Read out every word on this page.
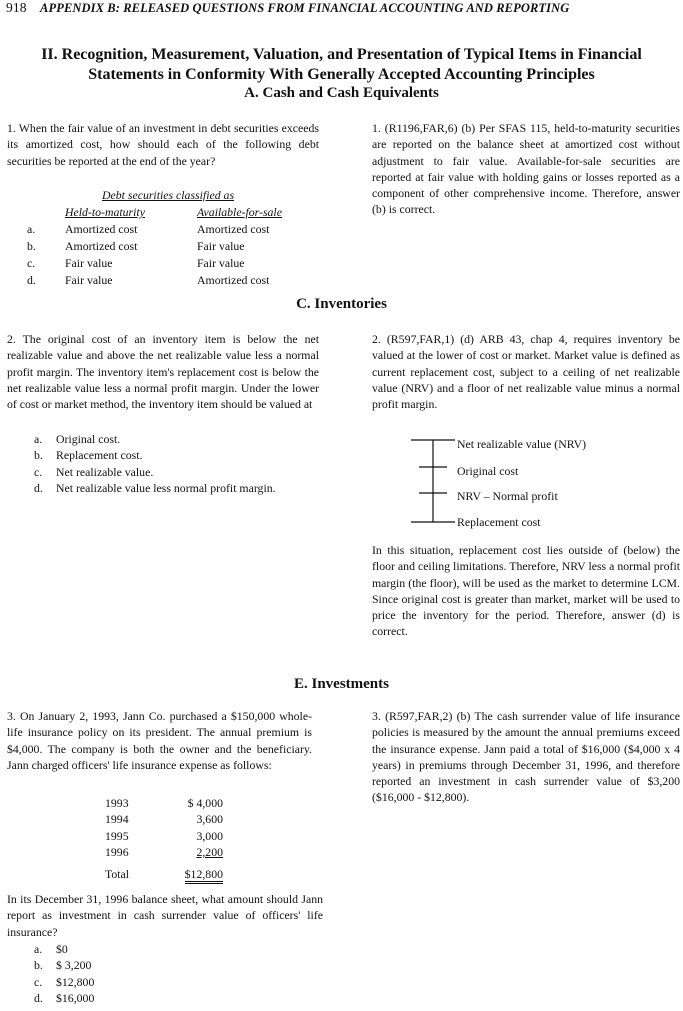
918 APPENDIX B: RELEASED QUESTIONS FROM FINANCIAL ACCOUNTING AND REPORTING
II. Recognition, Measurement, Valuation, and Presentation of Typical Items in Financial
Statements in Conformity With Generally Accepted Accounting Principles
A. Cash and Cash Equivalents
1. When the fair value of an investment in debt securities exceeds its amortized cost, how should each of the following debt securities be reported at the end of the year?
Debt securities classified as
	Held-to-maturity	Available-for-sale
a.	Amortized cost	Amortized cost
b.	Amortized cost	Fair value
c.	Fair value	Fair value
d.	Fair value	Amortized cost
1. (R1196,FAR,6) (b) Per SFAS 115, held-to-maturity securities are reported on the balance sheet at amortized cost without adjustment to fair value. Available-for-sale securities are reported at fair value with holding gains or losses reported as a component of other comprehensive income. Therefore, answer (b) is correct.
C. Inventories
2. The original cost of an inventory item is below the net realizable value and above the net realizable value less a normal profit margin. The inventory item's replacement cost is below the net realizable value less a normal profit margin. Under the lower of cost or market method, the inventory item should be valued at
a.	Original cost.
b.	Replacement cost.
c.	Net realizable value.
d.	Net realizable value less normal profit margin.
2. (R597,FAR,1) (d) ARB 43, chap 4, requires inventory be valued at the lower of cost or market. Market value is defined as current replacement cost, subject to a ceiling of net realizable value (NRV) and a floor of net realizable value minus a normal profit margin.
Net realizable value (NRV)
Original cost
NRV – Normal profit
Replacement cost
In this situation, replacement cost lies outside of (below) the floor and ceiling limitations. Therefore, NRV less a normal profit margin (the floor), will be used as the market to determine LCM. Since original cost is greater than market, market will be used to price the inventory for the period. Therefore, answer (d) is correct.
E. Investments
3. On January 2, 1993, Jann Co. purchased a $150,000 whole-life insurance policy on its president. The annual premium is $4,000. The company is both the owner and the beneficiary. Jann charged officers' life insurance expense as follows:
1993	$ 4,000
1994	3,600
1995	3,000
1996	2,200
Total	$12,800
In its December 31, 1996 balance sheet, what amount should Jann report as investment in cash surrender value of officers' life insurance?
a.	$0
b.	$ 3,200
c.	$12,800
d.	$16,000
3. (R597,FAR,2) (b) The cash surrender value of life insurance policies is measured by the amount the annual premiums exceed the insurance expense. Jann paid a total of $16,000 ($4,000 x 4 years) in premiums through December 31, 1996, and therefore reported an investment in cash surrender value of $3,200 ($16,000 - $12,800).
